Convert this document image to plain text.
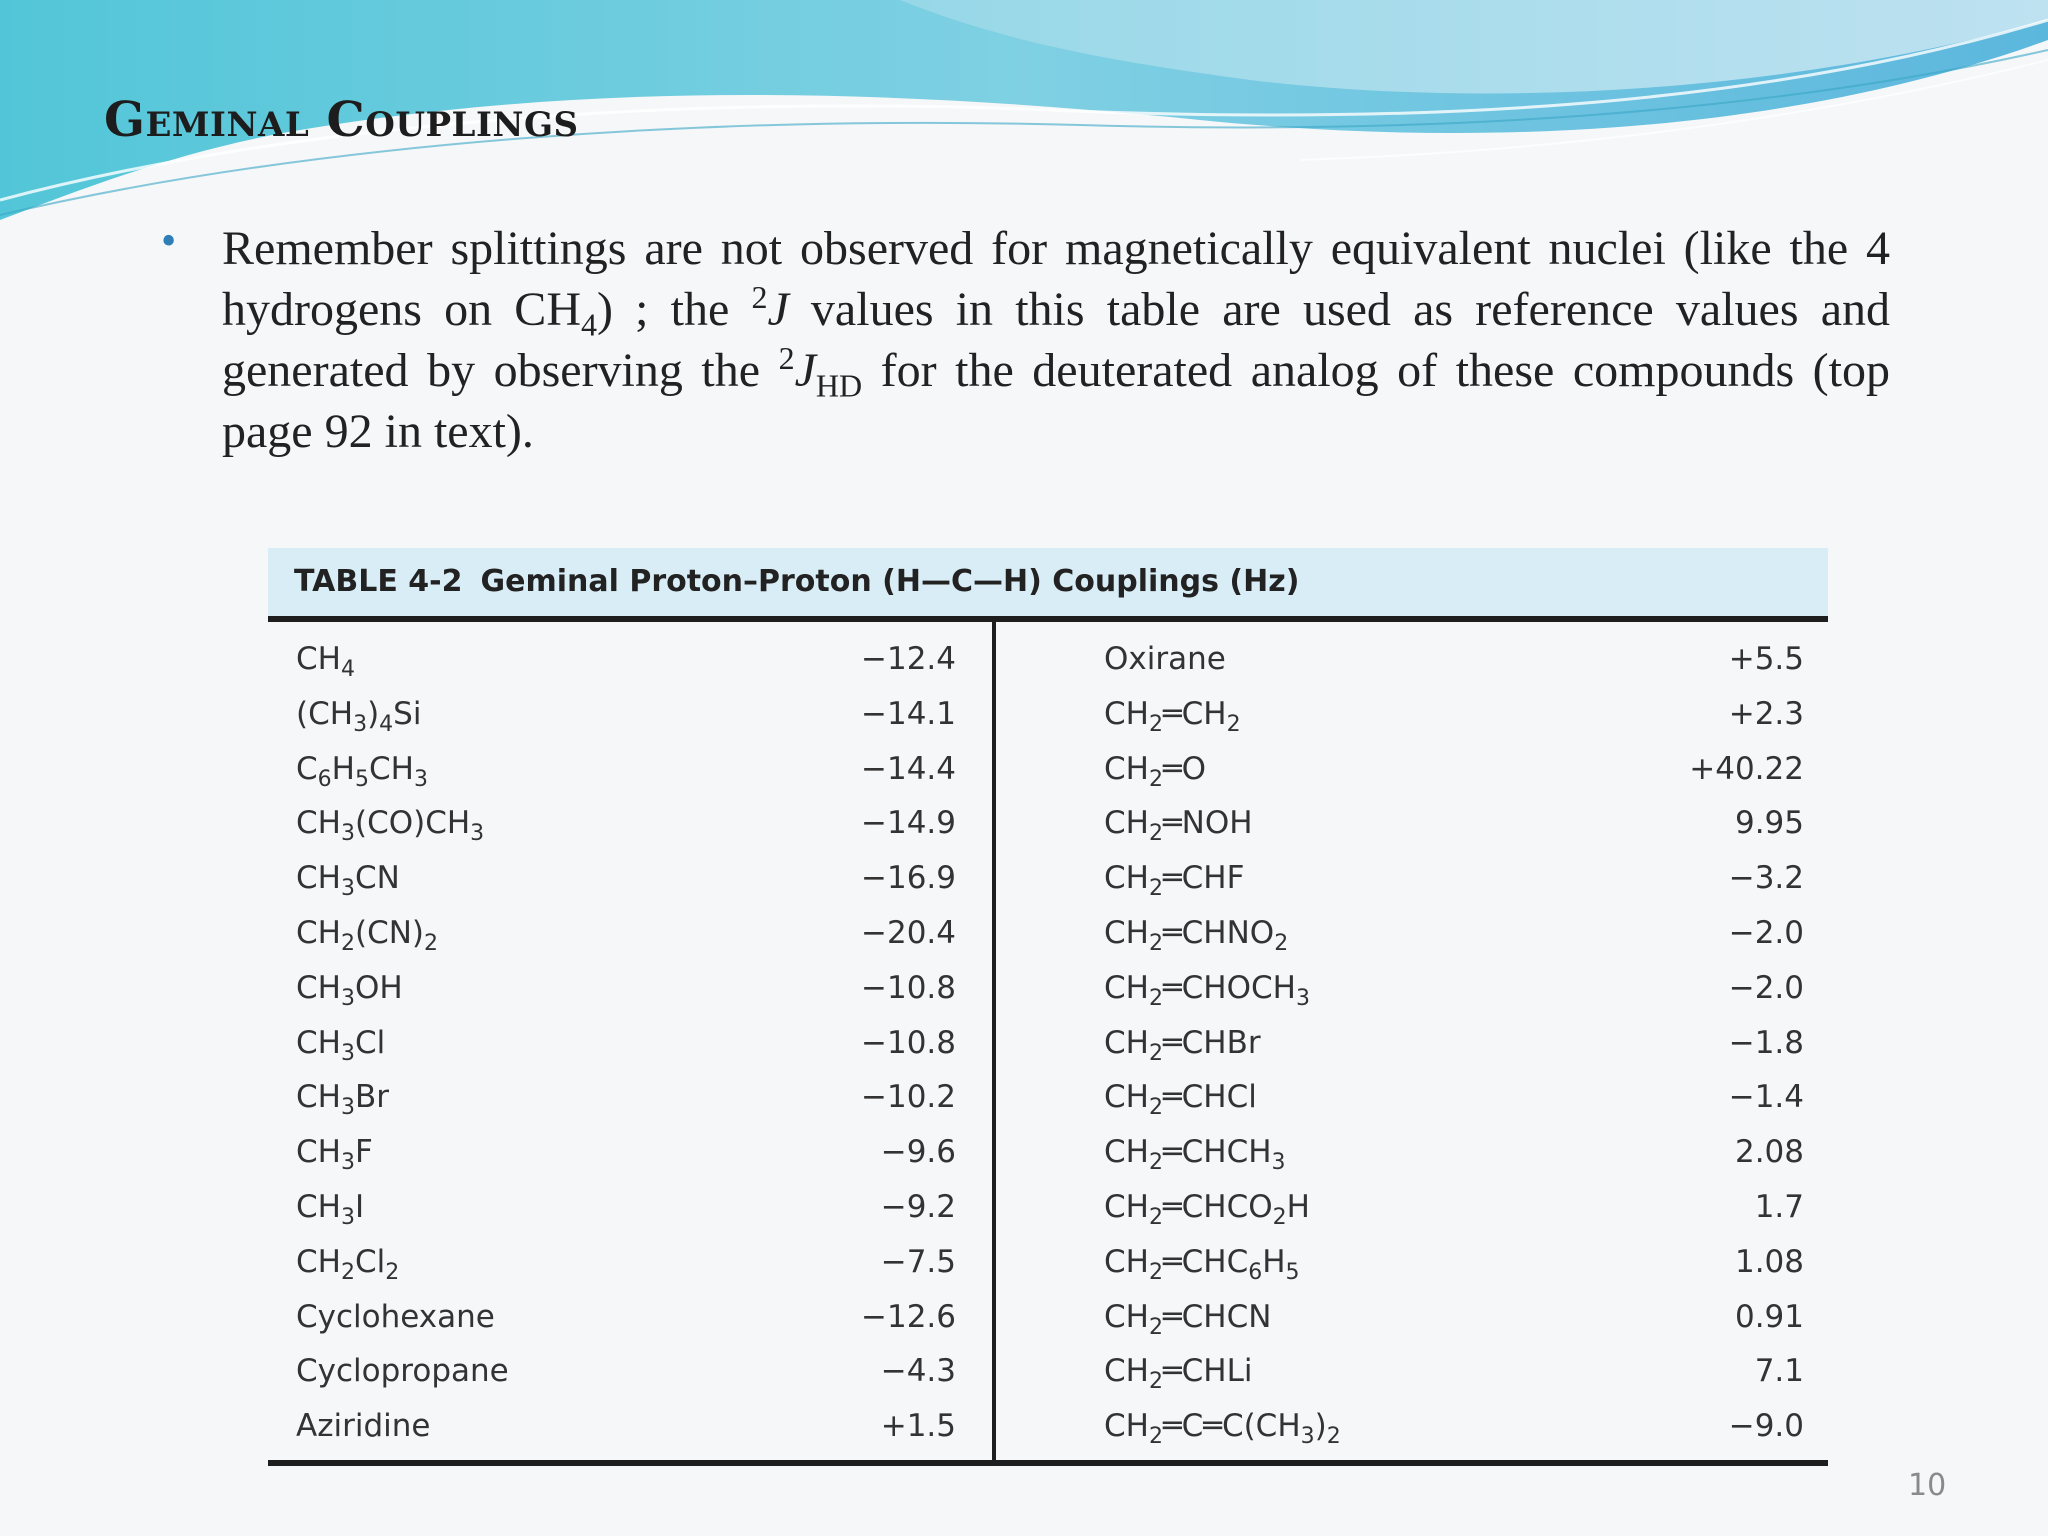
Geminal Couplings
• Remember splittings are not observed for magnetically equivalent nuclei (like the 4 hydrogens on $CH_4$) ; the $^2$J values in this table are used as reference values and generated by observing the $^2J_{HD}$ for the deuterated analog of these compounds (top page 92 in text).
TABLE 4-2 Geminal Proton–Proton (H—C—H) Couplings (Hz)
$CH_4$	−12.4
$(CH_3)_4Si$	−14.1
$C_6H_5CH_3$	−14.4
$CH_3(CO)CH_3$	−14.9
$CH_3CN$	−16.9
$CH_2(CN)_2$	−20.4
$CH_3OH$	−10.8
$CH_3Cl$	−10.8
$CH_3Br$	−10.2
$CH_3F$	−9.6
$CH_3I$	−9.2
$CH_2Cl_2$	−7.5
Cyclohexane	−12.6
Cyclopropane	−4.3
Aziridine	+1.5
Oxirane	+5.5
$CH_2═CH_2$	+2.3
$CH_2═O$	+40.22
$CH_2═NOH$	9.95
$CH_2═CHF$	−3.2
$CH_2═CHNO_2$	−2.0
$CH_2═CHOCH_3$	−2.0
$CH_2═CHBr$	−1.8
$CH_2═CHCl$	−1.4
$CH_2═CHCH_3$	2.08
$CH_2═CHCO_2H$	1.7
$CH_2═CHC_6H_5$	1.08
$CH_2═CHCN$	0.91
$CH_2═CHLi$	7.1
$CH_2═C═C(CH_3)_2$	−9.0
10
